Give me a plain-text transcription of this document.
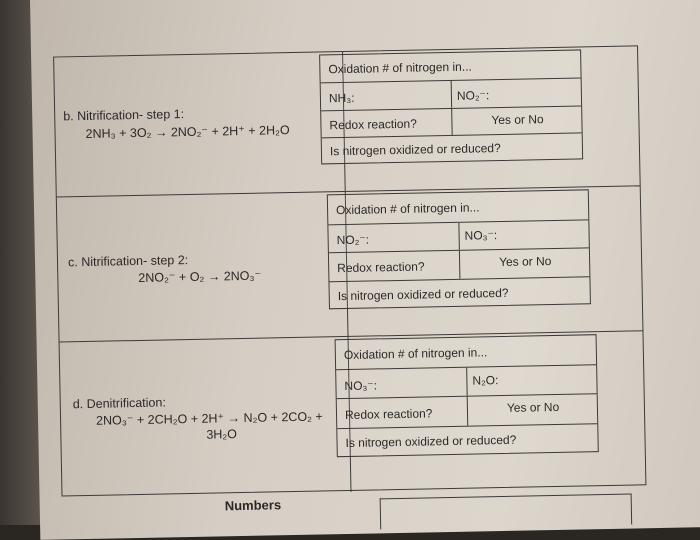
b. Nitrification- step 1:
2NH₃ + 3O₂ → 2NO₂⁻ + 2H⁺ + 2H₂O
Oxidation # of nitrogen in...
NH₃:	NO₂⁻:
Redox reaction?	Yes or No
Is nitrogen oxidized or reduced?
c. Nitrification- step 2:
2NO₂⁻ + O₂ → 2NO₃⁻
Oxidation # of nitrogen in...
NO₂⁻:	NO₃⁻:
Redox reaction?	Yes or No
Is nitrogen oxidized or reduced?
d. Denitrification:
2NO₃⁻ + 2CH₂O + 2H⁺ → N₂O + 2CO₂ +
3H₂O
Oxidation # of nitrogen in...
NO₃⁻:	N₂O:
Redox reaction?	Yes or No
Is nitrogen oxidized or reduced?
Numbers
